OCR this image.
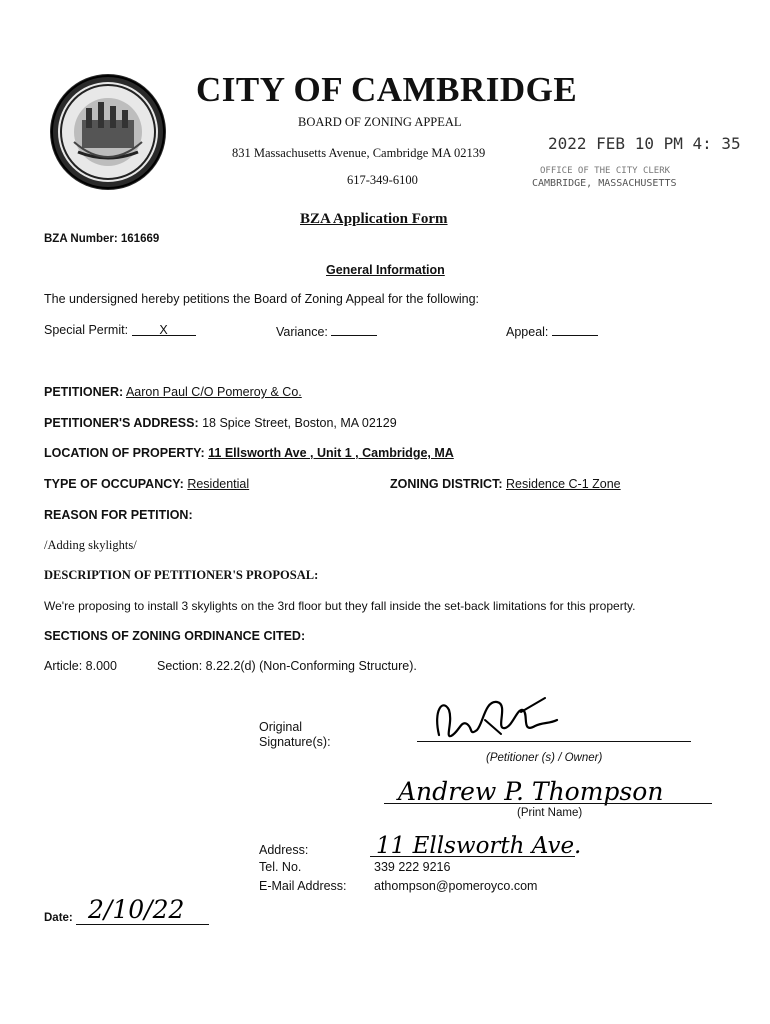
CITY OF CAMBRIDGE
BOARD OF ZONING APPEAL
831 Massachusetts Avenue, Cambridge MA 02139
617-349-6100
2022 FEB 10 PM 4: 35
OFFICE OF THE CITY CLERK
CAMBRIDGE, MASSACHUSETTS
BZA Application Form
BZA Number: 161669
General Information
The undersigned hereby petitions the Board of Zoning Appeal for the following:
Special Permit:	X	Variance:	Appeal:
PETITIONER: Aaron Paul C/O Pomeroy & Co.
PETITIONER'S ADDRESS: 18 Spice Street, Boston, MA 02129
LOCATION OF PROPERTY: 11 Ellsworth Ave , Unit 1 , Cambridge, MA
TYPE OF OCCUPANCY: Residential	ZONING DISTRICT: Residence C-1 Zone
REASON FOR PETITION:
/Adding skylights/
DESCRIPTION OF PETITIONER'S PROPOSAL:
We're proposing to install 3 skylights on the 3rd floor but they fall inside the set-back limitations for this property.
SECTIONS OF ZONING ORDINANCE CITED:
Article: 8.000	Section: 8.22.2(d) (Non-Conforming Structure).
Original
Signature(s):
(Petitioner (s) / Owner)
Andrew P. Thompson
(Print Name)
Address:	11 Ellsworth Ave.
Tel. No.	339 222 9216
E-Mail Address: athompson@pomeroyco.com
Date: 2/10/22
